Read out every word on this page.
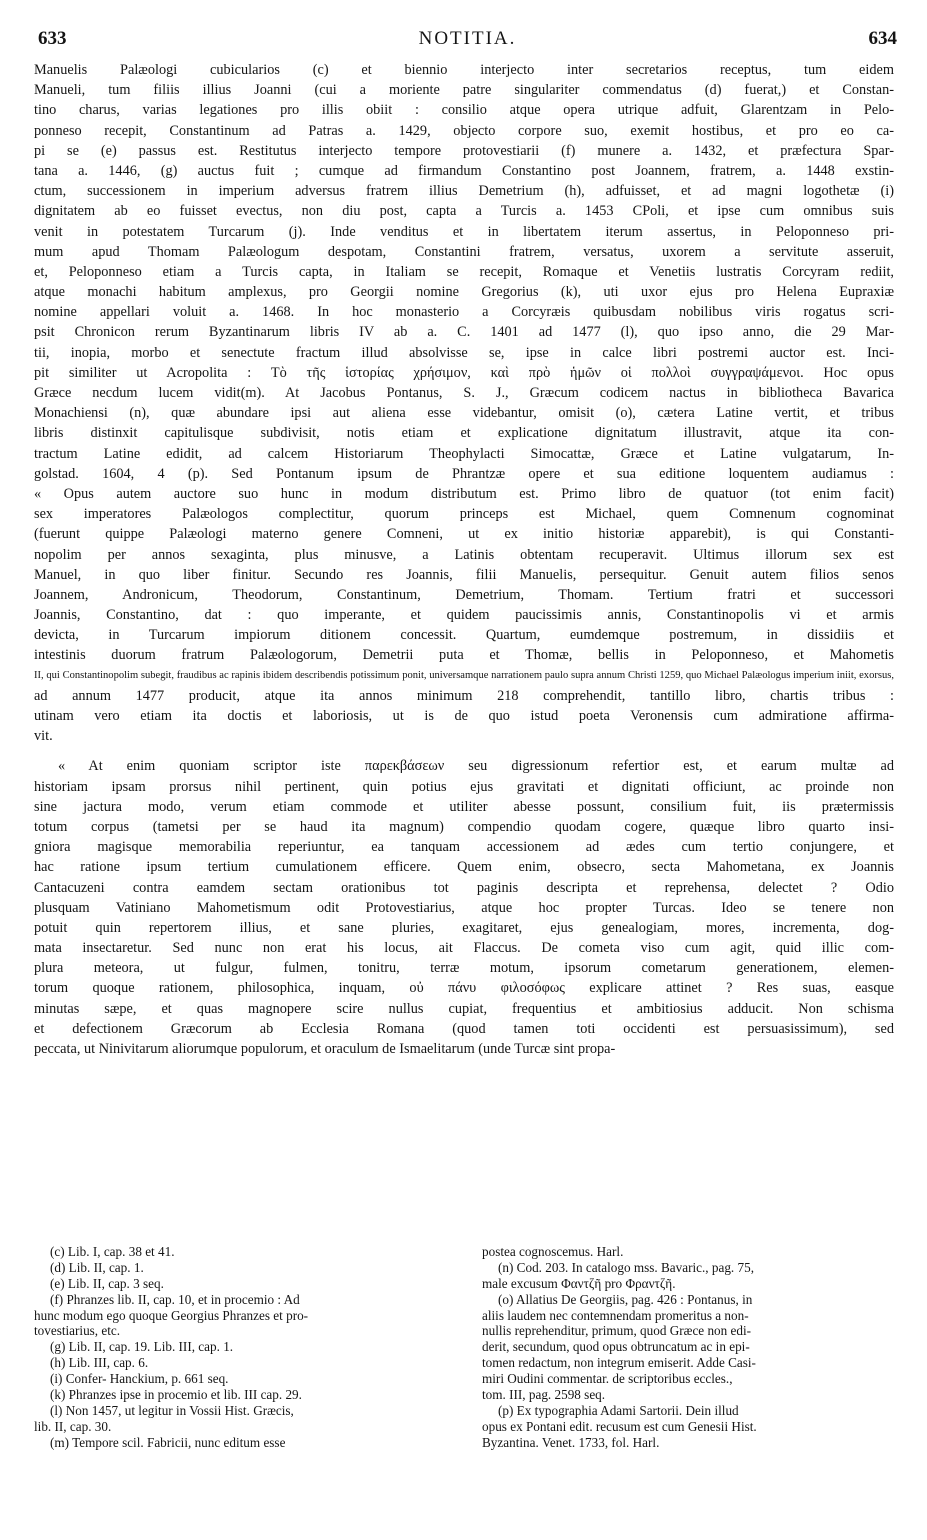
633	NOTITIA.	634
Manuelis Palæologi cubicularios (c) et biennio interjecto inter secretarios receptus, tum eidem
Manueli, tum filiis illius Joanni (cui a moriente patre singulariter commendatus (d) fuerat,) et Constan-
tino charus, varias legationes pro illis obiit : consilio atque opera utrique adfuit, Glarentzam in Pelo-
ponneso recepit, Constantinum ad Patras a. 1429, objecto corpore suo, exemit hostibus, et pro eo ca-
pi se (e) passus est. Restitutus interjecto tempore protovestiarii (f) munere a. 1432, et præfectura Spar-
tana a. 1446, (g) auctus fuit ; cumque ad firmandum Constantino post Joannem, fratrem, a. 1448 exstin-
ctum, successionem in imperium adversus fratrem illius Demetrium (h), adfuisset, et ad magni logothetæ (i)
dignitatem ab eo fuisset evectus, non diu post, capta a Turcis a. 1453 CPoli, et ipse cum omnibus suis
venit in potestatem Turcarum (j). Inde venditus et in libertatem iterum assertus, in Peloponneso pri-
mum apud Thomam Palæologum despotam, Constantini fratrem, versatus, uxorem a servitute asseruit,
et, Peloponneso etiam a Turcis capta, in Italiam se recepit, Romaque et Venetiis lustratis Corcyram rediit,
atque monachi habitum amplexus, pro Georgii nomine Gregorius (k), uti uxor ejus pro Helena Eupraxiæ
nomine appellari voluit a. 1468. In hoc monasterio a Corcyræis quibusdam nobilibus viris rogatus scri-
psit Chronicon rerum Byzantinarum libris IV ab a. C. 1401 ad 1477 (l), quo ipso anno, die 29 Mar-
tii, inopia, morbo et senectute fractum illud absolvisse se, ipse in calce libri postremi auctor est. Inci-
pit similiter ut Acropolita : Τὸ τῆς ἱστορίας χρήσιμον, καὶ πρὸ ἡμῶν οἱ πολλοὶ συγγραψάμενοι. Hoc opus
Græce necdum lucem vidit(m). At Jacobus Pontanus, S. J., Græcum codicem nactus in bibliotheca Bavarica
Monachiensi (n), quæ abundare ipsi aut aliena esse videbantur, omisit (o), cætera Latine vertit, et tribus
libris distinxit capitulisque subdivisit, notis etiam et explicatione dignitatum illustravit, atque ita con-
tractum Latine edidit, ad calcem Historiarum Theophylacti Simocattæ, Græce et Latine vulgatarum, In-
golstad. 1604, 4 (p). Sed Pontanum ipsum de Phrantzæ opere et sua editione loquentem audiamus :
« Opus autem auctore suo hunc in modum distributum est. Primo libro de quatuor (tot enim facit)
sex imperatores Palæologos complectitur, quorum princeps est Michael, quem Comnenum cognominat
(fuerunt quippe Palæologi materno genere Comneni, ut ex initio historiæ apparebit), is qui Constanti-
nopolim per annos sexaginta, plus minusve, a Latinis obtentam recuperavit. Ultimus illorum sex est
Manuel, in quo liber finitur. Secundo res Joannis, filii Manuelis, persequitur. Genuit autem filios senos
Joannem, Andronicum, Theodorum, Constantinum, Demetrium, Thomam. Tertium fratri et successori
Joannis, Constantino, dat : quo imperante, et quidem paucissimis annis, Constantinopolis vi et armis
devicta, in Turcarum impiorum ditionem concessit. Quartum, eumdemque postremum, in dissidiis et
intestinis duorum fratrum Palæologorum, Demetrii puta et Thomæ, bellis in Peloponneso, et Mahometis
II, qui Constantinopolim subegit, fraudibus ac rapinis ibidem describendis potissimum ponit, universamque narrationem paulo supra annum Christi 1259, quo Michael Palæologus imperium iniit, exorsus,
ad annum 1477 producit, atque ita annos minimum 218 comprehendit, tantillo libro, chartis tribus :
utinam vero etiam ita doctis et laboriosis, ut is de quo istud poeta Veronensis cum admiratione affirma-
vit.
« At enim quoniam scriptor iste παρεκβάσεων seu digressionum refertior est, et earum multæ ad
historiam ipsam prorsus nihil pertinent, quin potius ejus gravitati et dignitati officiunt, ac proinde non
sine jactura modo, verum etiam commode et utiliter abesse possunt, consilium fuit, iis prætermissis
totum corpus (tametsi per se haud ita magnum) compendio quodam cogere, quæque libro quarto insi-
gniora magisque memorabilia reperiuntur, ea tanquam accessionem ad ædes cum tertio conjungere, et
hac ratione ipsum tertium cumulationem efficere. Quem enim, obsecro, secta Mahometana, ex Joannis
Cantacuzeni contra eamdem sectam orationibus tot paginis descripta et reprehensa, delectet ? Odio
plusquam Vatiniano Mahometismum odit Protovestiarius, atque hoc propter Turcas. Ideo se tenere non
potuit quin repertorem illius, et sane pluries, exagitaret, ejus genealogiam, mores, incrementa, dog-
mata insectaretur. Sed nunc non erat his locus, ait Flaccus. De cometa viso cum agit, quid illic com-
plura meteora, ut fulgur, fulmen, tonitru, terræ motum, ipsorum cometarum generationem, elemen-
torum quoque rationem, philosophica, inquam, οὐ πάνυ φιλοσόφως explicare attinet ? Res suas, easque
minutas sæpe, et quas magnopere scire nullus cupiat, frequentius et ambitiosius adducit. Non schisma
et defectionem Græcorum ab Ecclesia Romana (quod tamen toti occidenti est persuasissimum), sed
peccata, ut Ninivitarum aliorumque populorum, et oraculum de Ismaelitarum (unde Turcæ sint propa-
(c) Lib. I, cap. 38 et 41.
(d) Lib. II, cap. 1.
(e) Lib. II, cap. 3 seq.
(f) Phranzes lib. II, cap. 10, et in procemio : Ad
hunc modum ego quoque Georgius Phranzes et pro-
tovestiarius, etc.
(g) Lib. II, cap. 19. Lib. III, cap. 1.
(h) Lib. III, cap. 6.
(i) Confer- Hanckium, p. 661 seq.
(k) Phranzes ipse in procemio et lib. III cap. 29.
(l) Non 1457, ut legitur in Vossii Hist. Græcis,
lib. II, cap. 30.
(m) Tempore scil. Fabricii, nunc editum esse
postea cognoscemus. Harl.
(n) Cod. 203. In catalogo mss. Bavaric., pag. 75,
male excusum Φαντζῆ pro Φραντζῆ.
(o) Allatius De Georgiis, pag. 426 : Pontanus, in
aliis laudem nec contemnendam promeritus a non-
nullis reprehenditur, primum, quod Græce non edi-
derit, secundum, quod opus obtruncatum ac in epi-
tomen redactum, non integrum emiserit. Adde Casi-
miri Oudini commentar. de scriptoribus eccles.,
tom. III, pag. 2598 seq.
(p) Ex typographia Adami Sartorii. Dein illud
opus ex Pontani edit. recusum est cum Genesii Hist.
Byzantina. Venet. 1733, fol. Harl.
